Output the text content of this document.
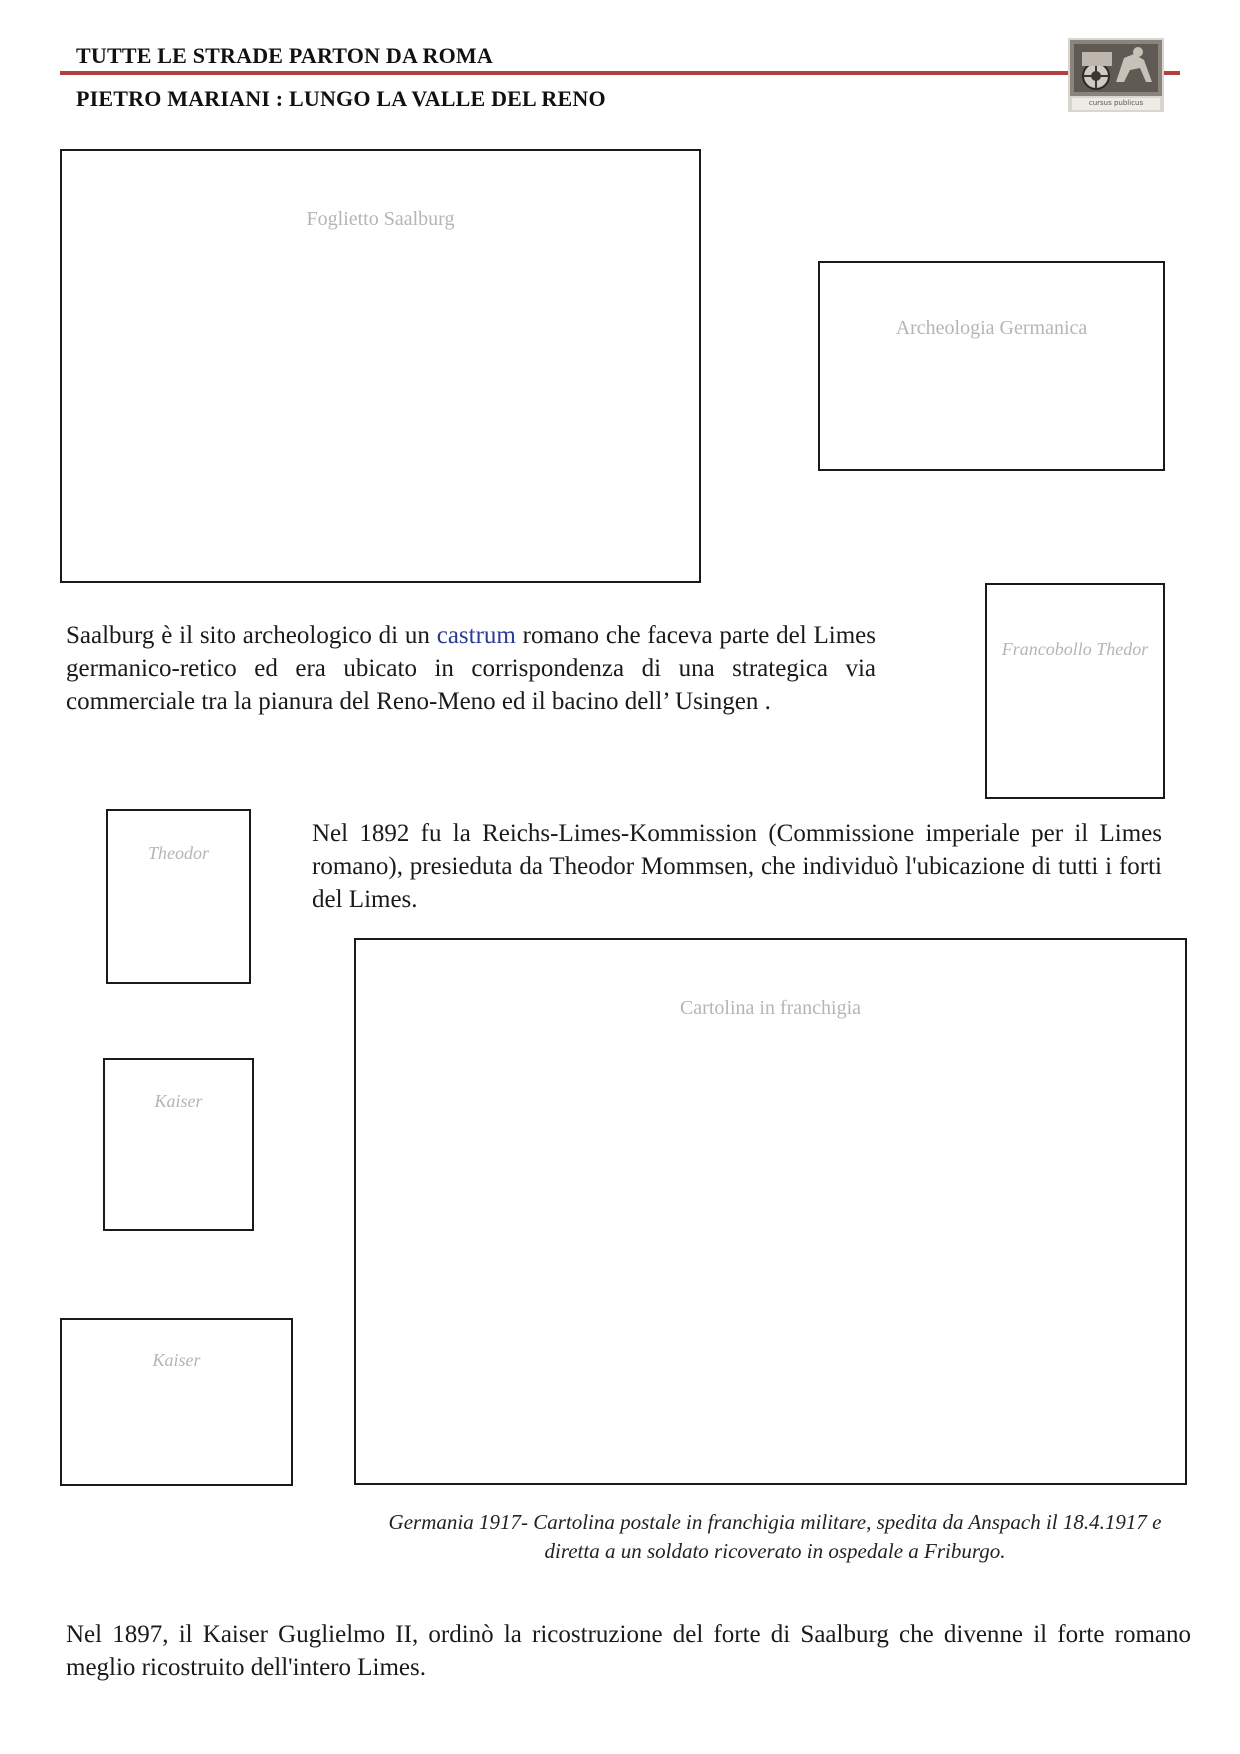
TUTTE LE STRADE PARTON DA ROMA
PIETRO MARIANI : LUNGO LA VALLE DEL RENO	cursus publicus
Foglietto Saalburg
Archeologia Germanica
Francobollo Thedor
Saalburg è il sito archeologico di un castrum romano che faceva parte del Limes germanico-retico ed era ubicato in corrispondenza di una strategica via commerciale tra la pianura del Reno-Meno ed il bacino dell’ Usingen .
Theodor
Nel 1892 fu la Reichs-Limes-Kommission (Commissione imperiale per il Limes romano), presieduta da Theodor Mommsen, che individuò l'ubicazione di tutti i forti del Limes.
Cartolina in franchigia
Kaiser
Kaiser
Germania 1917- Cartolina postale in franchigia militare, spedita da Anspach il 18.4.1917 e
diretta a un soldato ricoverato in ospedale a Friburgo.
Nel 1897, il Kaiser Guglielmo II, ordinò la ricostruzione del forte di Saalburg che divenne il forte romano meglio ricostruito dell'intero Limes.
